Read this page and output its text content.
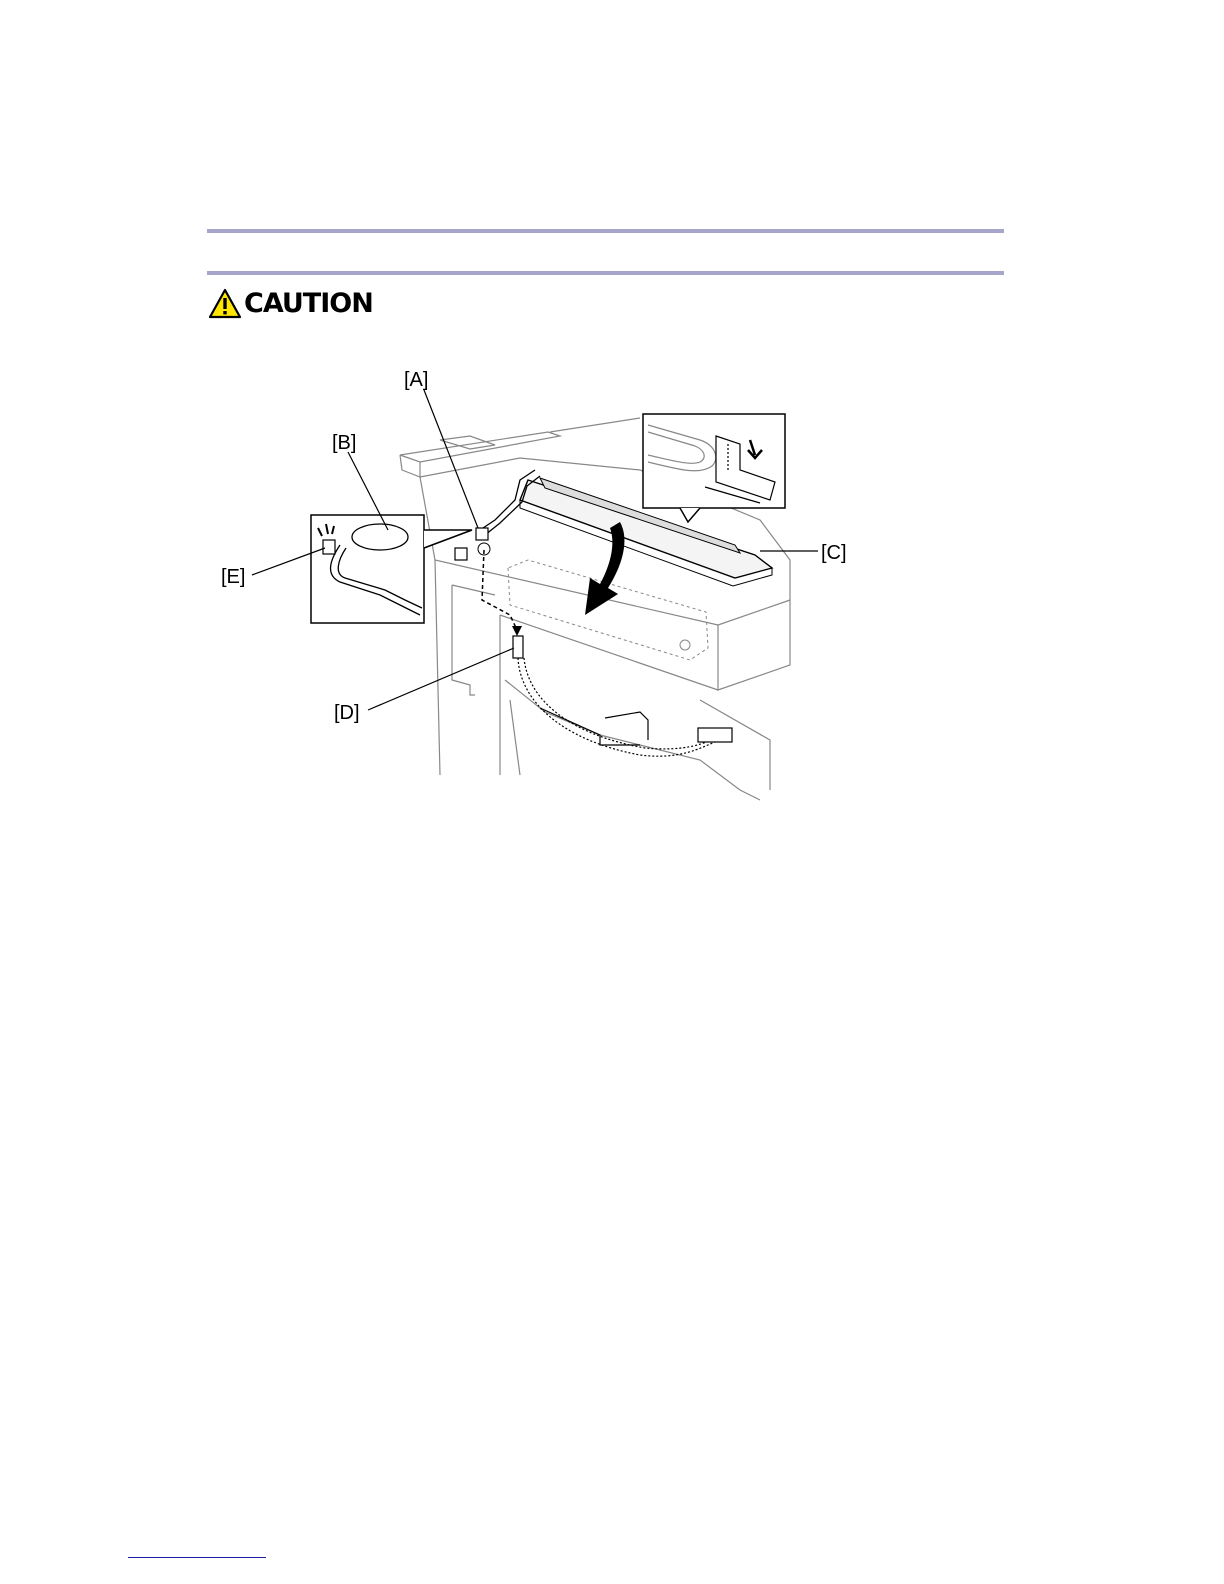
CAUTION
[A]
[B]
[C]
[D]
[E]
